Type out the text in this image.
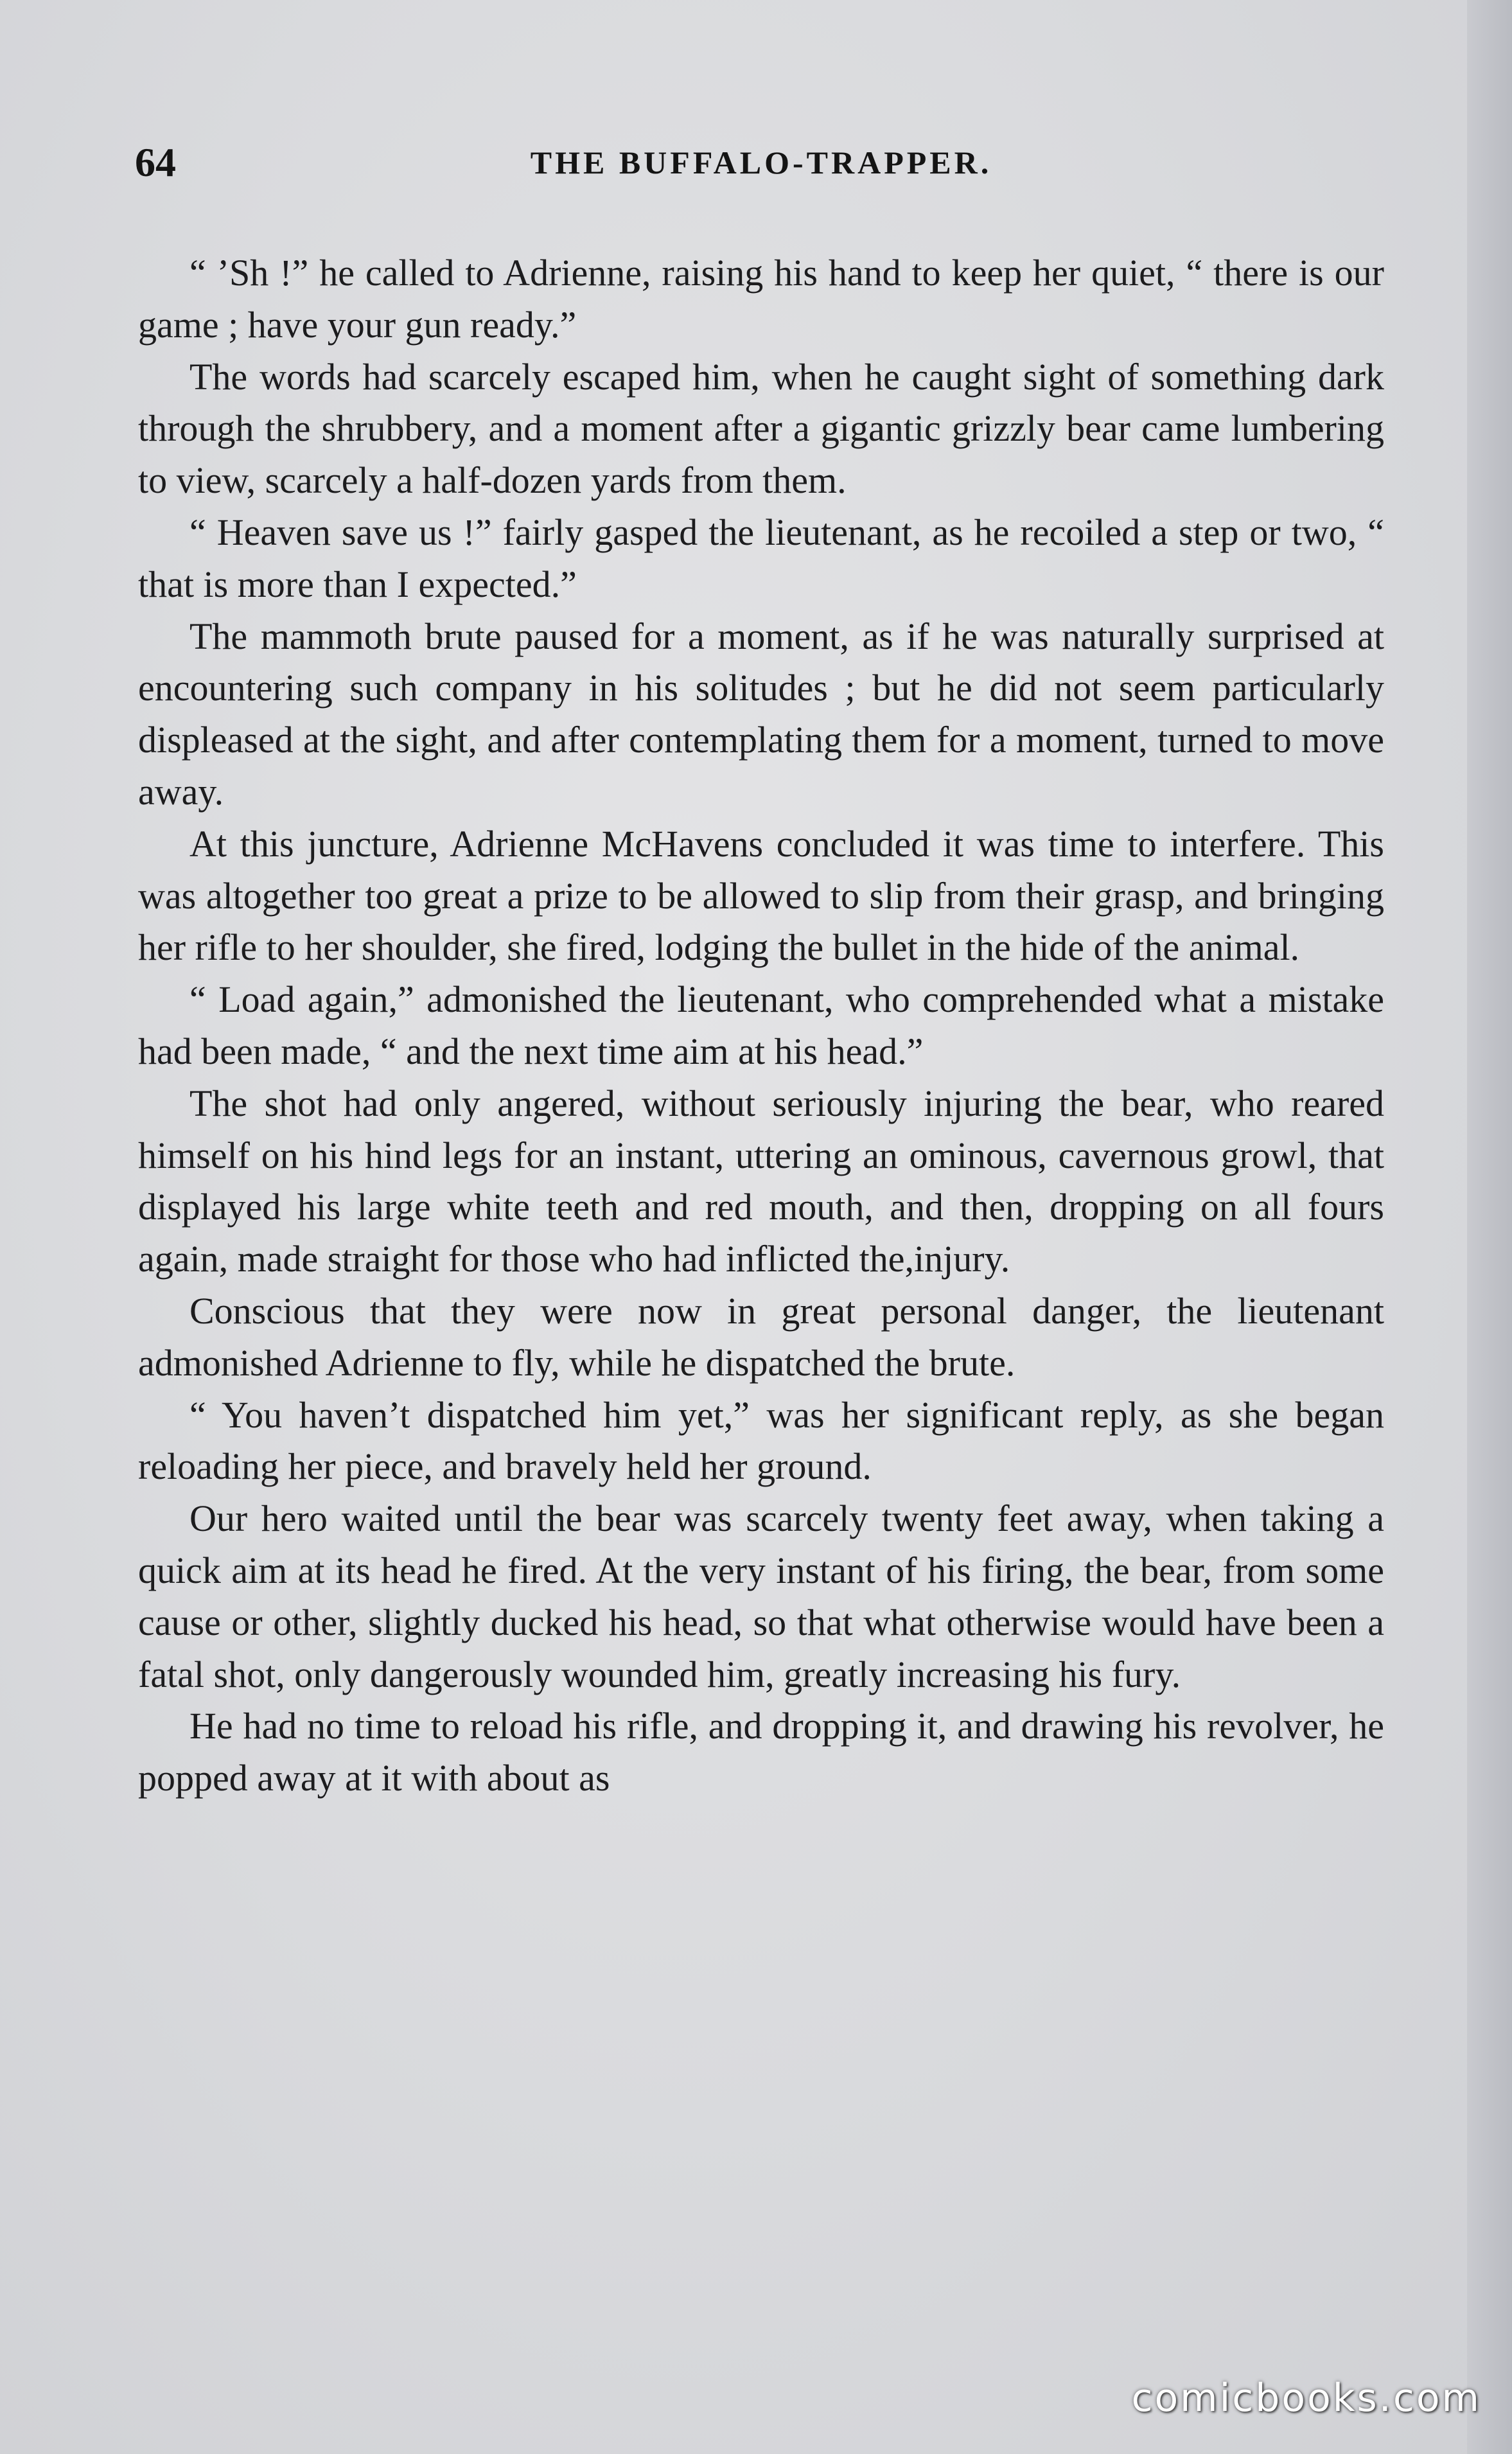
64	THE BUFFALO-TRAPPER.

“ ’Sh !” he called to Adrienne, raising his hand to keep her quiet, “ there is our game ; have your gun ready.”

The words had scarcely escaped him, when he caught sight of something dark through the shrubbery, and a moment after a gigantic grizzly bear came lumbering to view, scarcely a half-dozen yards from them.

“ Heaven save us !” fairly gasped the lieutenant, as he recoiled a step or two, “ that is more than I expected.”

The mammoth brute paused for a moment, as if he was naturally surprised at encountering such company in his solitudes ; but he did not seem particularly displeased at the sight, and after contemplating them for a moment, turned to move away.

At this juncture, Adrienne McHavens concluded it was time to interfere. This was altogether too great a prize to be allowed to slip from their grasp, and bringing her rifle to her shoulder, she fired, lodging the bullet in the hide of the animal.

“ Load again,” admonished the lieutenant, who comprehended what a mistake had been made, “ and the next time aim at his head.”

The shot had only angered, without seriously injuring the bear, who reared himself on his hind legs for an instant, uttering an ominous, cavernous growl, that displayed his large white teeth and red mouth, and then, dropping on all fours again, made straight for those who had inflicted the,injury.

Conscious that they were now in great personal danger, the lieutenant admonished Adrienne to fly, while he dispatched the brute.

“ You haven’t dispatched him yet,” was her significant reply, as she began reloading her piece, and bravely held her ground.

Our hero waited until the bear was scarcely twenty feet away, when taking a quick aim at its head he fired. At the very instant of his firing, the bear, from some cause or other, slightly ducked his head, so that what otherwise would have been a fatal shot, only dangerously wounded him, greatly increasing his fury.

He had no time to reload his rifle, and dropping it, and drawing his revolver, he popped away at it with about as

comicbooks.com
